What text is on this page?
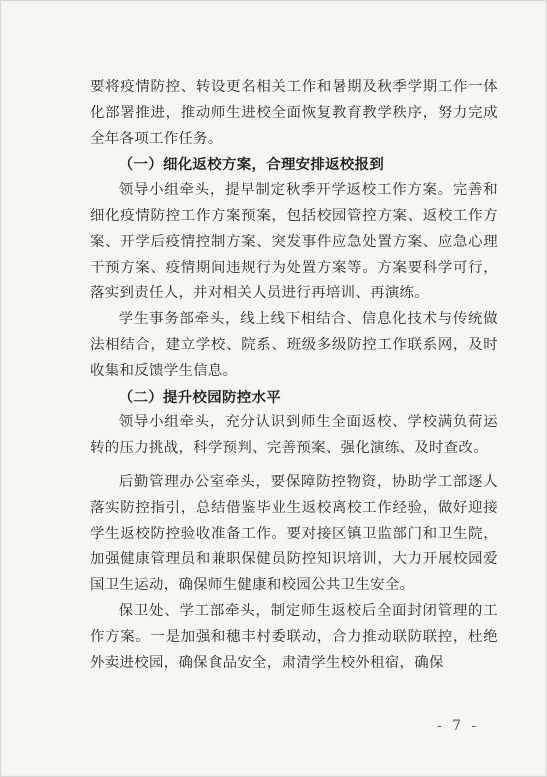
要将疫情防控、转设更名相关工作和暑期及秋季学期工作一体化部署推进，推动师生进校全面恢复教育教学秩序，努力完成全年各项工作任务。

（一）细化返校方案，合理安排返校报到

领导小组牵头，提早制定秋季开学返校工作方案。完善和细化疫情防控工作方案预案，包括校园管控方案、返校工作方案、开学后疫情控制方案、突发事件应急处置方案、应急心理干预方案、疫情期间违规行为处置方案等。方案要科学可行，落实到责任人，并对相关人员进行再培训、再演练。

学生事务部牵头，线上线下相结合、信息化技术与传统做法相结合，建立学校、院系、班级多级防控工作联系网，及时收集和反馈学生信息。

（二）提升校园防控水平

领导小组牵头，充分认识到师生全面返校、学校满负荷运转的压力挑战，科学预判、完善预案、强化演练、及时查改。

后勤管理办公室牵头，要保障防控物资，协助学工部逐人落实防控指引，总结借鉴毕业生返校离校工作经验，做好迎接学生返校防控验收准备工作。要对接区镇卫监部门和卫生院，加强健康管理员和兼职保健员防控知识培训，大力开展校园爱国卫生运动，确保师生健康和校园公共卫生安全。

保卫处、学工部牵头，制定师生返校后全面封闭管理的工作方案。一是加强和穗丰村委联动，合力推动联防联控，杜绝外卖进校园，确保食品安全，肃清学生校外租宿，确保

- 7 -
